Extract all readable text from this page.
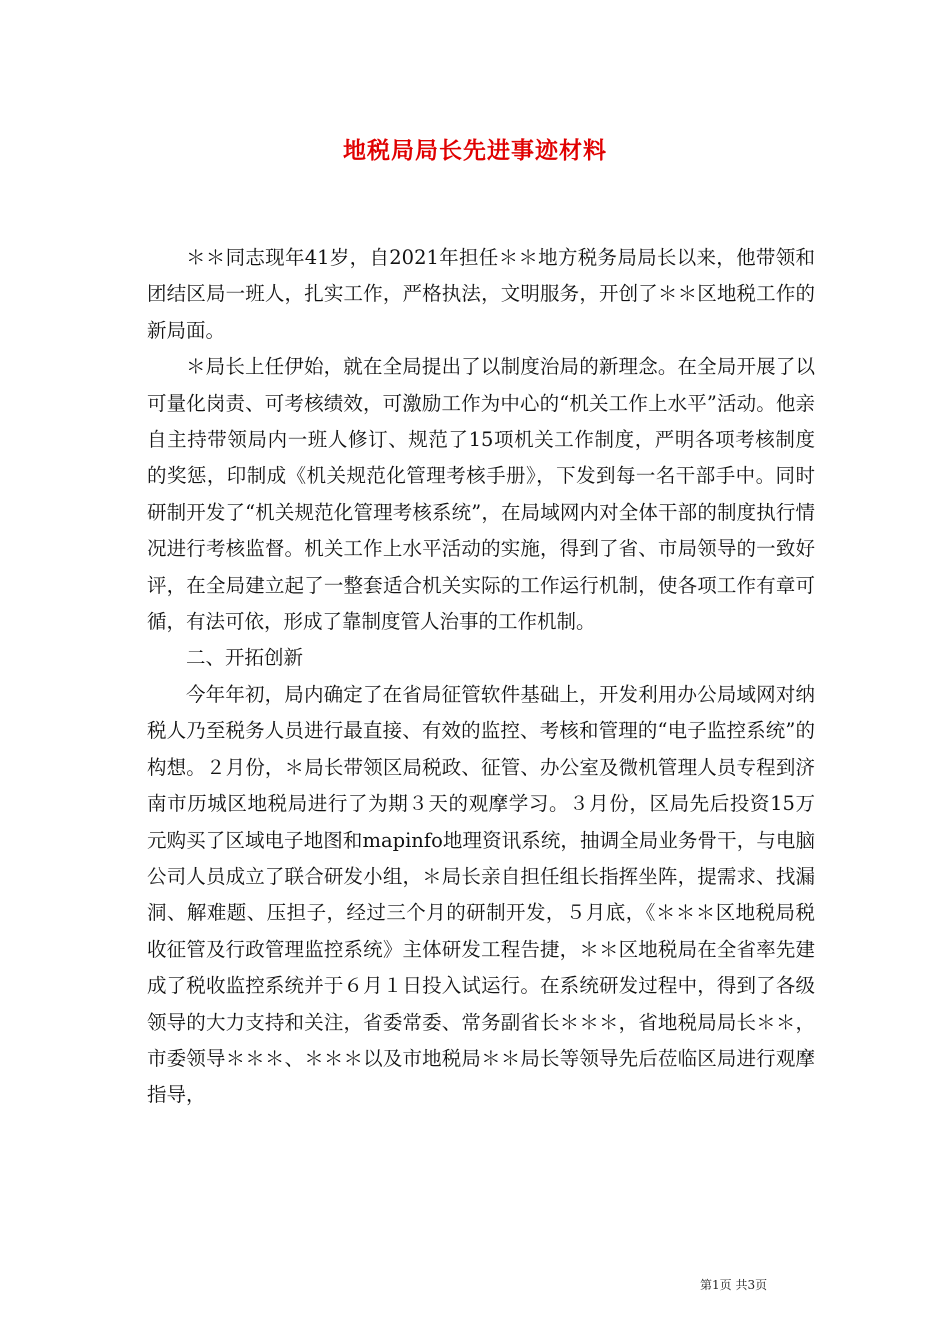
地税局局长先进事迹材料

＊＊同志现年41岁，自2021年担任＊＊地方税务局局长以来，他带领和团结区局一班人，扎实工作，严格执法，文明服务，开创了＊＊区地税工作的新局面。

＊局长上任伊始，就在全局提出了以制度治局的新理念。在全局开展了以可量化岗责、可考核绩效，可激励工作为中心的“机关工作上水平”活动。他亲自主持带领局内一班人修订、规范了15项机关工作制度，严明各项考核制度的奖惩，印制成《机关规范化管理考核手册》，下发到每一名干部手中。同时研制开发了“机关规范化管理考核系统”，在局域网内对全体干部的制度执行情况进行考核监督。机关工作上水平活动的实施，得到了省、市局领导的一致好评，在全局建立起了一整套适合机关实际的工作运行机制，使各项工作有章可循，有法可依，形成了靠制度管人治事的工作机制。

二、开拓创新

今年年初，局内确定了在省局征管软件基础上，开发利用办公局域网对纳税人乃至税务人员进行最直接、有效的监控、考核和管理的“电子监控系统”的构想。２月份，＊局长带领区局税政、征管、办公室及微机管理人员专程到济南市历城区地税局进行了为期３天的观摩学习。３月份，区局先后投资15万元购买了区域电子地图和mapinfo地理资讯系统，抽调全局业务骨干，与电脑公司人员成立了联合研发小组，＊局长亲自担任组长指挥坐阵，提需求、找漏洞、解难题、压担子，经过三个月的研制开发，５月底，《＊＊＊区地税局税收征管及行政管理监控系统》主体研发工程告捷，＊＊区地税局在全省率先建成了税收监控系统并于６月１日投入试运行。在系统研发过程中，得到了各级领导的大力支持和关注，省委常委、常务副省长＊＊＊，省地税局局长＊＊，市委领导＊＊＊、＊＊＊以及市地税局＊＊局长等领导先后莅临区局进行观摩指导，

第1页 共3页
